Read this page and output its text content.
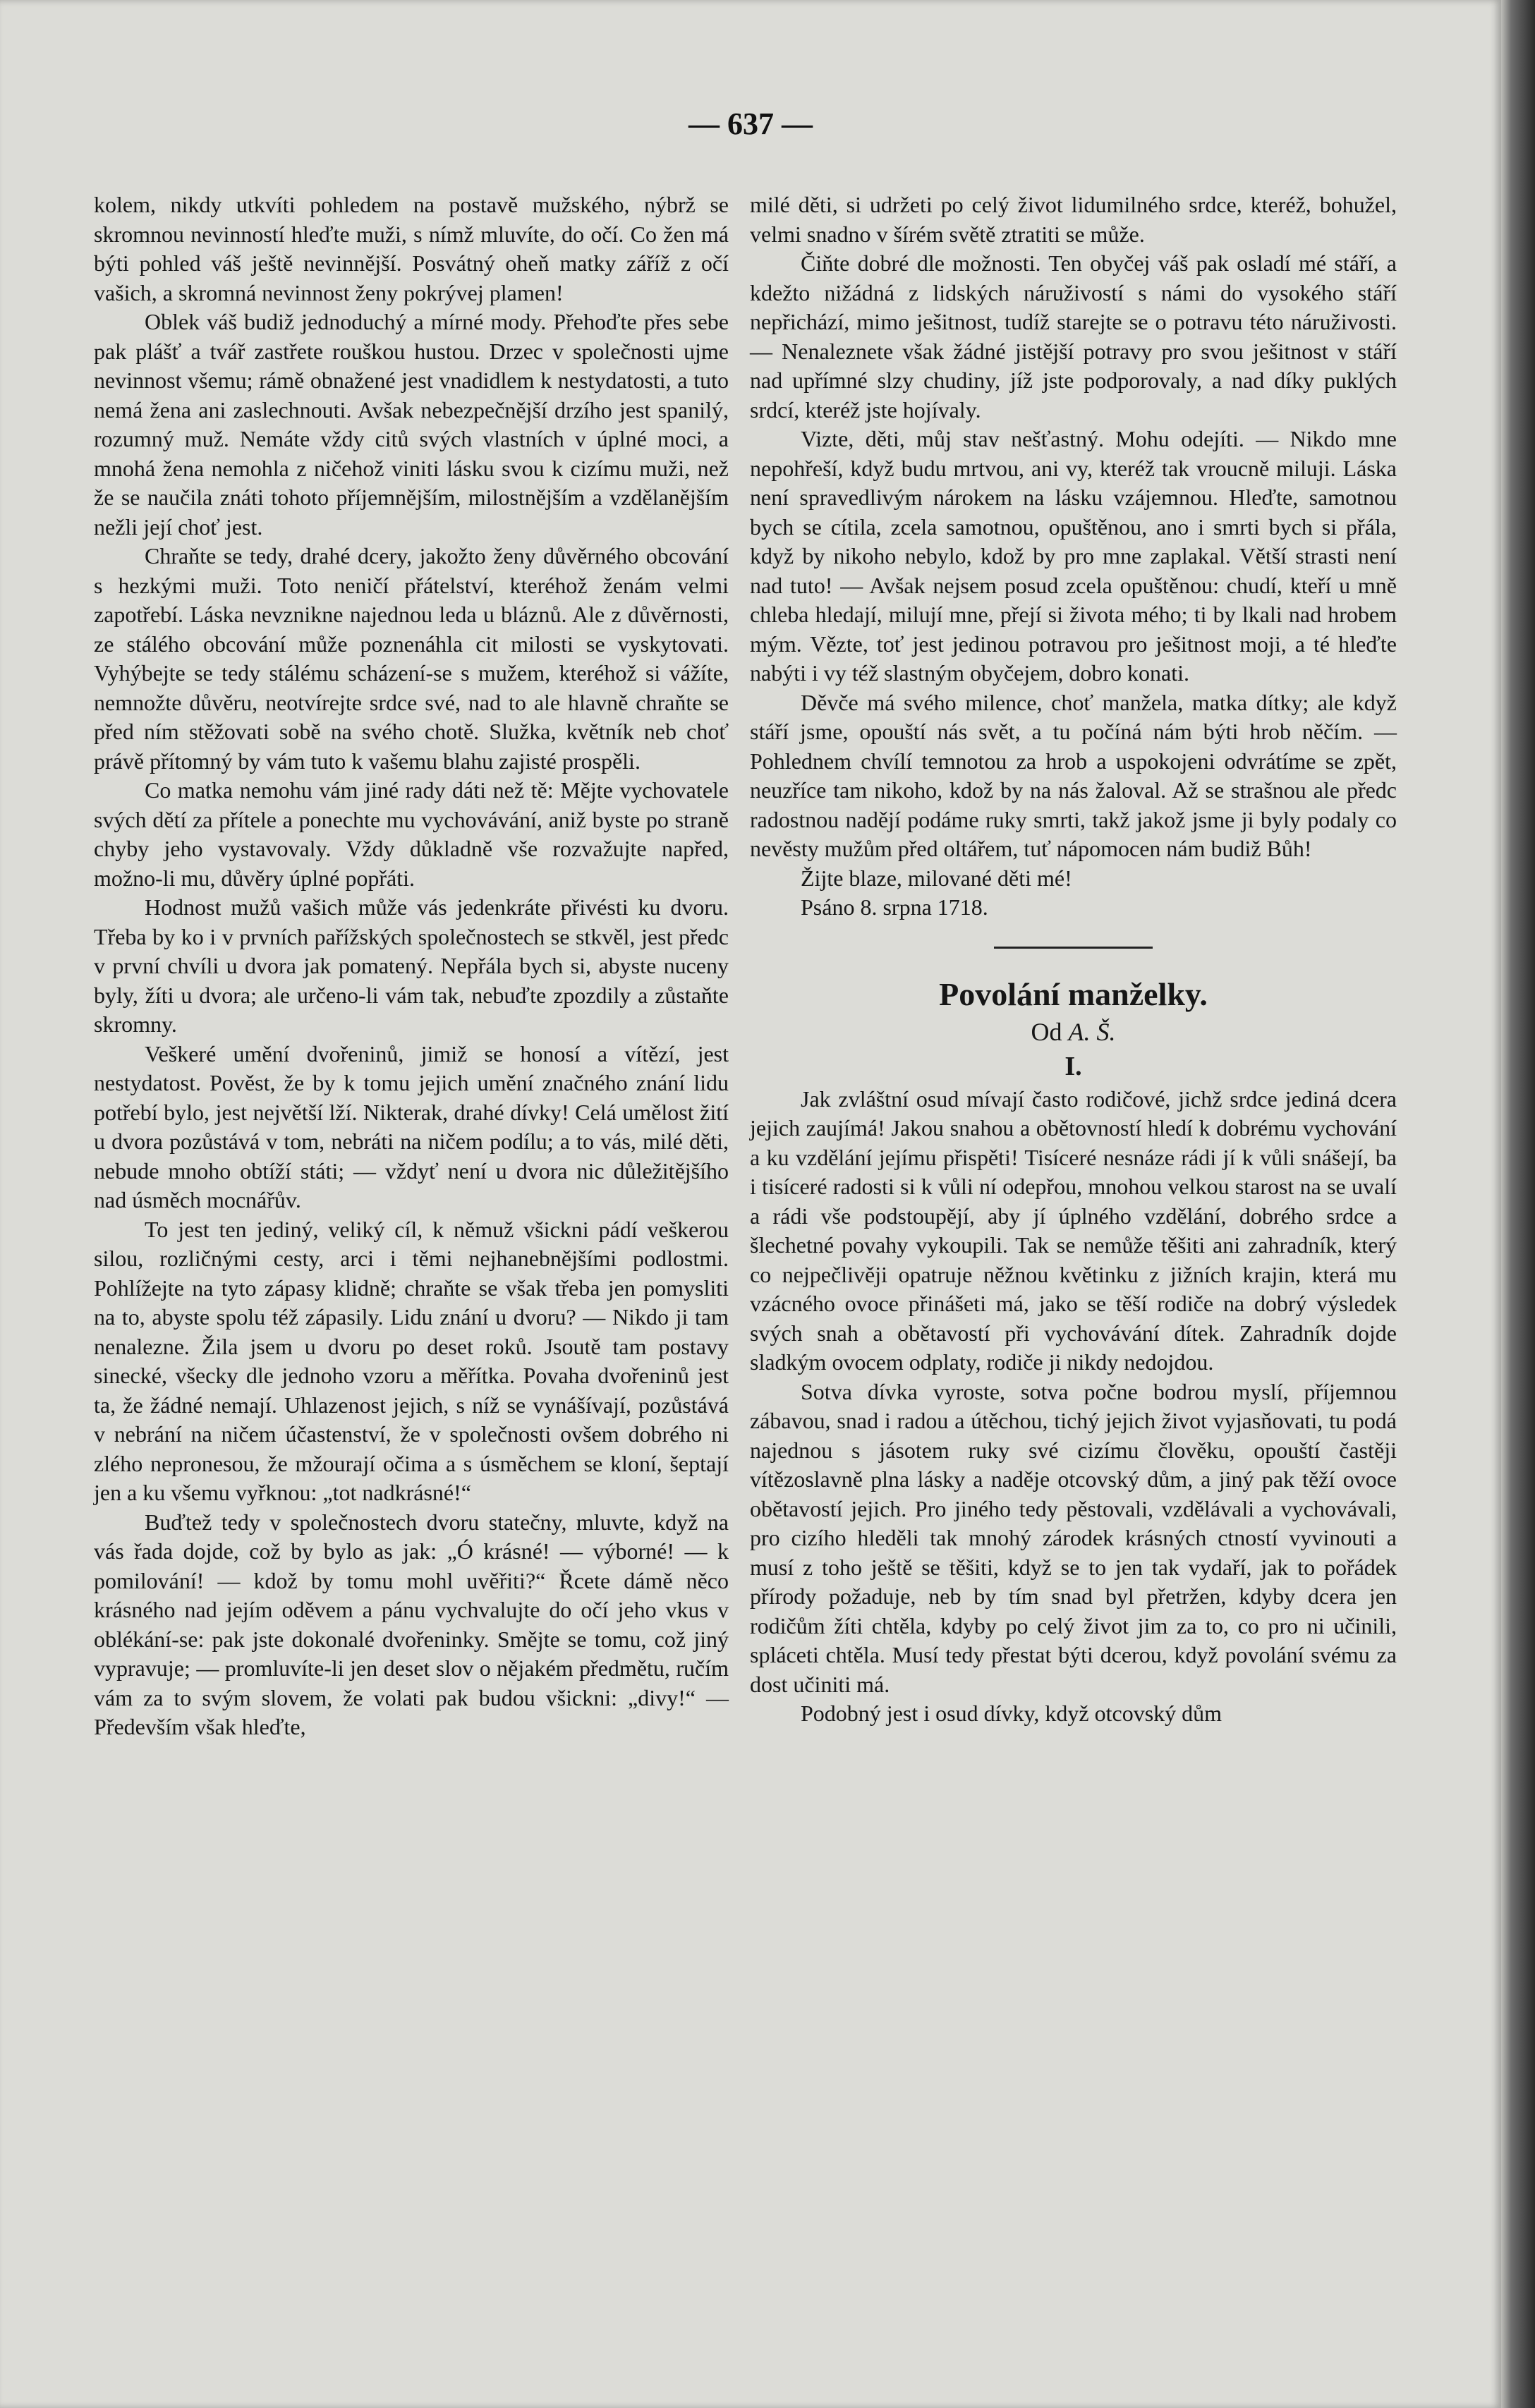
— 637 —

kolem, nikdy utkvíti pohledem na postavě mužského, nýbrž se skromnou nevinností hleďte muži, s nímž mluvíte, do očí. Co žen má býti pohled váš ještě nevinnější. Posvátný oheň matky záříž z očí vašich, a skromná nevinnost ženy pokrývej plamen!

Oblek váš budiž jednoduchý a mírné mody. Přehoďte přes sebe pak plášť a tvář zastřete rouškou hustou. Drzec v společnosti ujme nevinnost všemu; rámě obnažené jest vnadidlem k nestydatosti, a tuto nemá žena ani zaslechnouti. Avšak nebezpečnější drzího jest spanilý, rozumný muž. Nemáte vždy citů svých vlastních v úplné moci, a mnohá žena nemohla z ničehož viniti lásku svou k cizímu muži, než že se naučila znáti tohoto příjemnějším, milostnějším a vzdělanějším nežli její choť jest.

Chraňte se tedy, drahé dcery, jakožto ženy důvěrného obcování s hezkými muži. Toto neničí přátelství, kteréhož ženám velmi zapotřebí. Láska nevznikne najednou leda u bláznů. Ale z důvěrnosti, ze stálého obcování může poznenáhla cit milosti se vyskytovati. Vyhýbejte se tedy stálému scházení-se s mužem, kteréhož si vážíte, nemnožte důvěru, neotvírejte srdce své, nad to ale hlavně chraňte se před ním stěžovati sobě na svého chotě. Služka, květník neb choť právě přítomný by vám tuto k vašemu blahu zajisté prospěli.

Co matka nemohu vám jiné rady dáti než tě: Mějte vychovatele svých dětí za přítele a ponechte mu vychovávání, aniž byste po straně chyby jeho vystavovaly. Vždy důkladně vše rozvažujte napřed, možno-li mu, důvěry úplné popřáti.

Hodnost mužů vašich může vás jedenkráte přivésti ku dvoru. Třeba by ko i v prvních pařížských společnostech se stkvěl, jest předc v první chvíli u dvora jak pomatený. Nepřála bych si, abyste nuceny byly, žíti u dvora; ale určeno-li vám tak, nebuďte zpozdily a zůstaňte skromny.

Veškeré umění dvořeninů, jimiž se honosí a vítězí, jest nestydatost. Pověst, že by k tomu jejich umění značného znání lidu potřebí bylo, jest největší lží. Nikterak, drahé dívky! Celá umělost žití u dvora pozůstává v tom, nebráti na ničem podílu; a to vás, milé děti, nebude mnoho obtíží státi; — vždyť není u dvora nic důležitějšího nad úsměch mocnářův.

To jest ten jediný, veliký cíl, k němuž všickni pádí veškerou silou, rozličnými cesty, arci i těmi nejhanebnějšími podlostmi. Pohlížejte na tyto zápasy klidně; chraňte se však třeba jen pomysliti na to, abyste spolu též zápasily. Lidu znání u dvoru? — Nikdo ji tam nenalezne. Žila jsem u dvoru po deset roků. Jsoutě tam postavy sinecké, všecky dle jednoho vzoru a měřítka. Povaha dvořeninů jest ta, že žádné nemají. Uhlazenost jejich, s níž se vynášívají, pozůstává v nebrání na ničem účastenství, že v společnosti ovšem dobrého ni zlého nepronesou, že mžourají očima a s úsměchem se kloní, šeptají jen a ku všemu vyřknou: „tot nadkrásné!“

Buďtež tedy v společnostech dvoru statečny, mluvte, když na vás řada dojde, což by bylo as jak: „Ó krásné! — výborné! — k pomilování! — kdož by tomu mohl uvěřiti?“ Řcete dámě něco krásného nad jejím oděvem a pánu vychvalujte do očí jeho vkus v oblékání-se: pak jste dokonalé dvořeninky. Smějte se tomu, což jiný vypravuje; — promluvíte-li jen deset slov o nějakém předmětu, ručím vám za to svým slovem, že volati pak budou všickni: „divy!“ — Především však hleďte,

milé děti, si udržeti po celý život lidumilného srdce, kteréž, bohužel, velmi snadno v šírém světě ztratiti se může.

Čiňte dobré dle možnosti. Ten obyčej váš pak osladí mé stáří, a kdežto nižádná z lidských náruživostí s námi do vysokého stáří nepřichází, mimo ješitnost, tudíž starejte se o potravu této náruživosti. — Nenaleznete však žádné jistější potravy pro svou ješitnost v stáří nad upřímné slzy chudiny, jíž jste podporovaly, a nad díky puklých srdcí, kteréž jste hojívaly.

Vizte, děti, můj stav nešťastný. Mohu odejíti. — Nikdo mne nepohřeší, když budu mrtvou, ani vy, kteréž tak vroucně miluji. Láska není spravedlivým nárokem na lásku vzájemnou. Hleďte, samotnou bych se cítila, zcela samotnou, opuštěnou, ano i smrti bych si přála, když by nikoho nebylo, kdož by pro mne zaplakal. Větší strasti není nad tuto! — Avšak nejsem posud zcela opuštěnou: chudí, kteří u mně chleba hledají, milují mne, přejí si života mého; ti by lkali nad hrobem mým. Vězte, toť jest jedinou potravou pro ješitnost moji, a té hleďte nabýti i vy též slastným obyčejem, dobro konati.

Děvče má svého milence, choť manžela, matka dítky; ale když stáří jsme, opouští nás svět, a tu počíná nám býti hrob něčím. — Pohlednem chvílí temnotou za hrob a uspokojeni odvrátíme se zpět, neuzříce tam nikoho, kdož by na nás žaloval. Až se strašnou ale předc radostnou nadějí podáme ruky smrti, takž jakož jsme ji byly podaly co nevěsty mužům před oltářem, tuť nápomocen nám budiž Bůh!

Žijte blaze, milované děti mé!

Psáno 8. srpna 1718.

Povolání manželky.
Od A. Š.
I.

Jak zvláštní osud mívají často rodičové, jichž srdce jediná dcera jejich zaujímá! Jakou snahou a obětovností hledí k dobrému vychování a ku vzdělání jejímu přispěti! Tisíceré nesnáze rádi jí k vůli snášejí, ba i tisíceré radosti si k vůli ní odepřou, mnohou velkou starost na se uvalí a rádi vše podstoupějí, aby jí úplného vzdělání, dobrého srdce a šlechetné povahy vykoupili. Tak se nemůže těšiti ani zahradník, který co nejpečlivěji opatruje něžnou květinku z jižních krajin, která mu vzácného ovoce přinášeti má, jako se těší rodiče na dobrý výsledek svých snah a obětavostí při vychovávání dítek. Zahradník dojde sladkým ovocem odplaty, rodiče ji nikdy nedojdou.

Sotva dívka vyroste, sotva počne bodrou myslí, příjemnou zábavou, snad i radou a útěchou, tichý jejich život vyjasňovati, tu podá najednou s jásotem ruky své cizímu člověku, opouští častěji vítězoslavně plna lásky a naděje otcovský dům, a jiný pak těží ovoce obětavostí jejich. Pro jiného tedy pěstovali, vzdělávali a vychovávali, pro cizího hleděli tak mnohý zárodek krásných ctností vyvinouti a musí z toho ještě se těšiti, když se to jen tak vydaří, jak to pořádek přírody požaduje, neb by tím snad byl přetržen, kdyby dcera jen rodičům žíti chtěla, kdyby po celý život jim za to, co pro ni učinili, spláceti chtěla. Musí tedy přestat býti dcerou, když povolání svému za dost učiniti má.

Podobný jest i osud dívky, když otcovský dům
